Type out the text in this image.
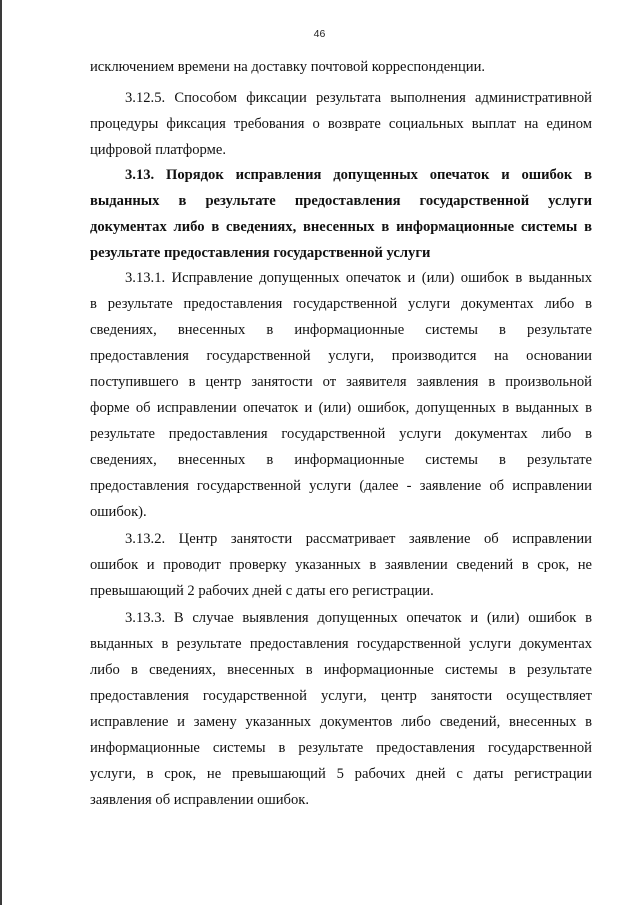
46
исключением времени на доставку почтовой корреспонденции.
3.12.5. Способом фиксации результата выполнения административной
процедуры фиксация требования о возврате социальных выплат на едином
цифровой платформе.
3.13. Порядок исправления допущенных опечаток и ошибок в
выданных в результате предоставления государственной услуги
документах либо в сведениях, внесенных в информационные системы в
результате предоставления государственной услуги
3.13.1. Исправление допущенных опечаток и (или) ошибок в выданных
в результате предоставления государственной услуги документах либо в
сведениях, внесенных в информационные системы в результате
предоставления государственной услуги, производится на основании
поступившего в центр занятости от заявителя заявления в произвольной
форме об исправлении опечаток и (или) ошибок, допущенных в выданных в
результате предоставления государственной услуги документах либо в
сведениях, внесенных в информационные системы в результате
предоставления государственной услуги (далее - заявление об исправлении
ошибок).
3.13.2. Центр занятости рассматривает заявление об исправлении
ошибок и проводит проверку указанных в заявлении сведений в срок, не
превышающий 2 рабочих дней с даты его регистрации.
3.13.3. В случае выявления допущенных опечаток и (или) ошибок в
выданных в результате предоставления государственной услуги документах
либо в сведениях, внесенных в информационные системы в результате
предоставления государственной услуги, центр занятости осуществляет
исправление и замену указанных документов либо сведений, внесенных в
информационные системы в результате предоставления государственной
услуги, в срок, не превышающий 5 рабочих дней с даты регистрации
заявления об исправлении ошибок.
